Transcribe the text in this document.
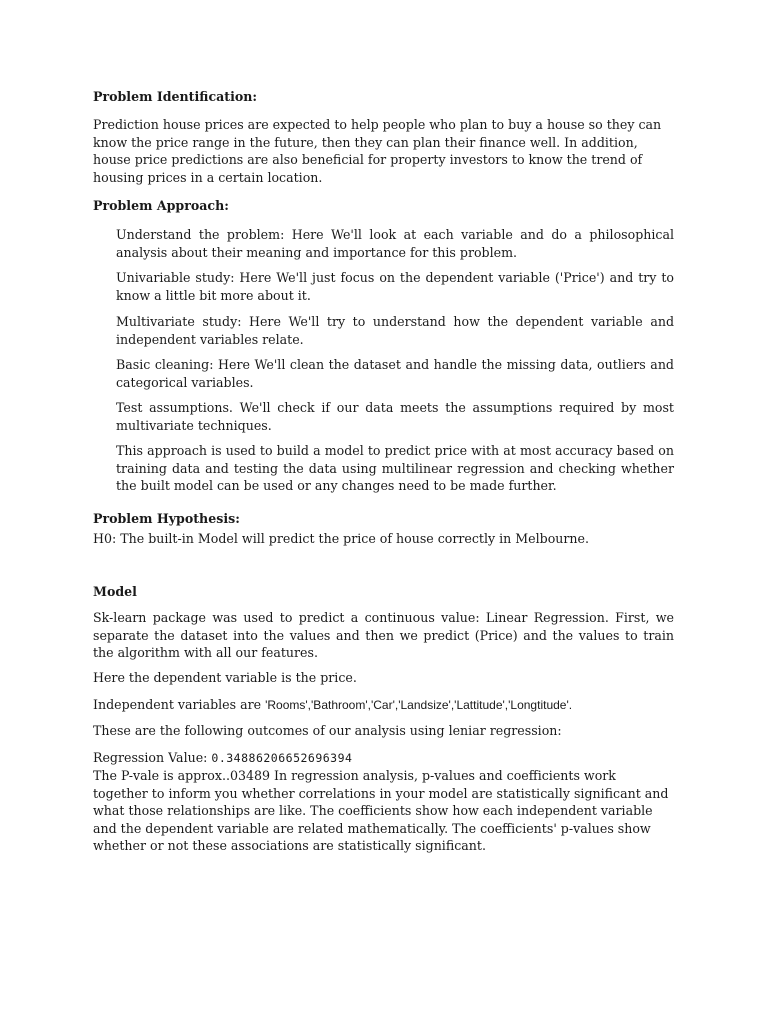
Problem Identification:
Prediction house prices are expected to help people who plan to buy a house so they can know the price range in the future, then they can plan their finance well. In addition, house price predictions are also beneficial for property investors to know the trend of housing prices in a certain location.
Problem Approach:
Understand the problem: Here We'll look at each variable and do a philosophical analysis about their meaning and importance for this problem.
Univariable study: Here We'll just focus on the dependent variable ('Price') and try to know a little bit more about it.
Multivariate study: Here We'll try to understand how the dependent variable and independent variables relate.
Basic cleaning: Here We'll clean the dataset and handle the missing data, outliers and categorical variables.
Test assumptions. We'll check if our data meets the assumptions required by most multivariate techniques.
This approach is used to build a model to predict price with at most accuracy based on training data and testing the data using multilinear regression and checking whether the built model can be used or any changes need to be made further.
Problem Hypothesis:
H0: The built-in Model will predict the price of house correctly in Melbourne.
Model
Sk-learn package was used to predict a continuous value: Linear Regression. First, we separate the dataset into the values and then we predict (Price) and the values to train the algorithm with all our features.
Here the dependent variable is the price.
Independent variables are 'Rooms','Bathroom','Car','Landsize','Lattitude','Longtitude'.
These are the following outcomes of our analysis using leniar regression:
Regression Value: 0.34886206652696394
The P-vale is approx..03489 In regression analysis, p-values and coefficients work together to inform you whether correlations in your model are statistically significant and what those relationships are like. The coefficients show how each independent variable and the dependent variable are related mathematically. The coefficients' p-values show whether or not these associations are statistically significant.
